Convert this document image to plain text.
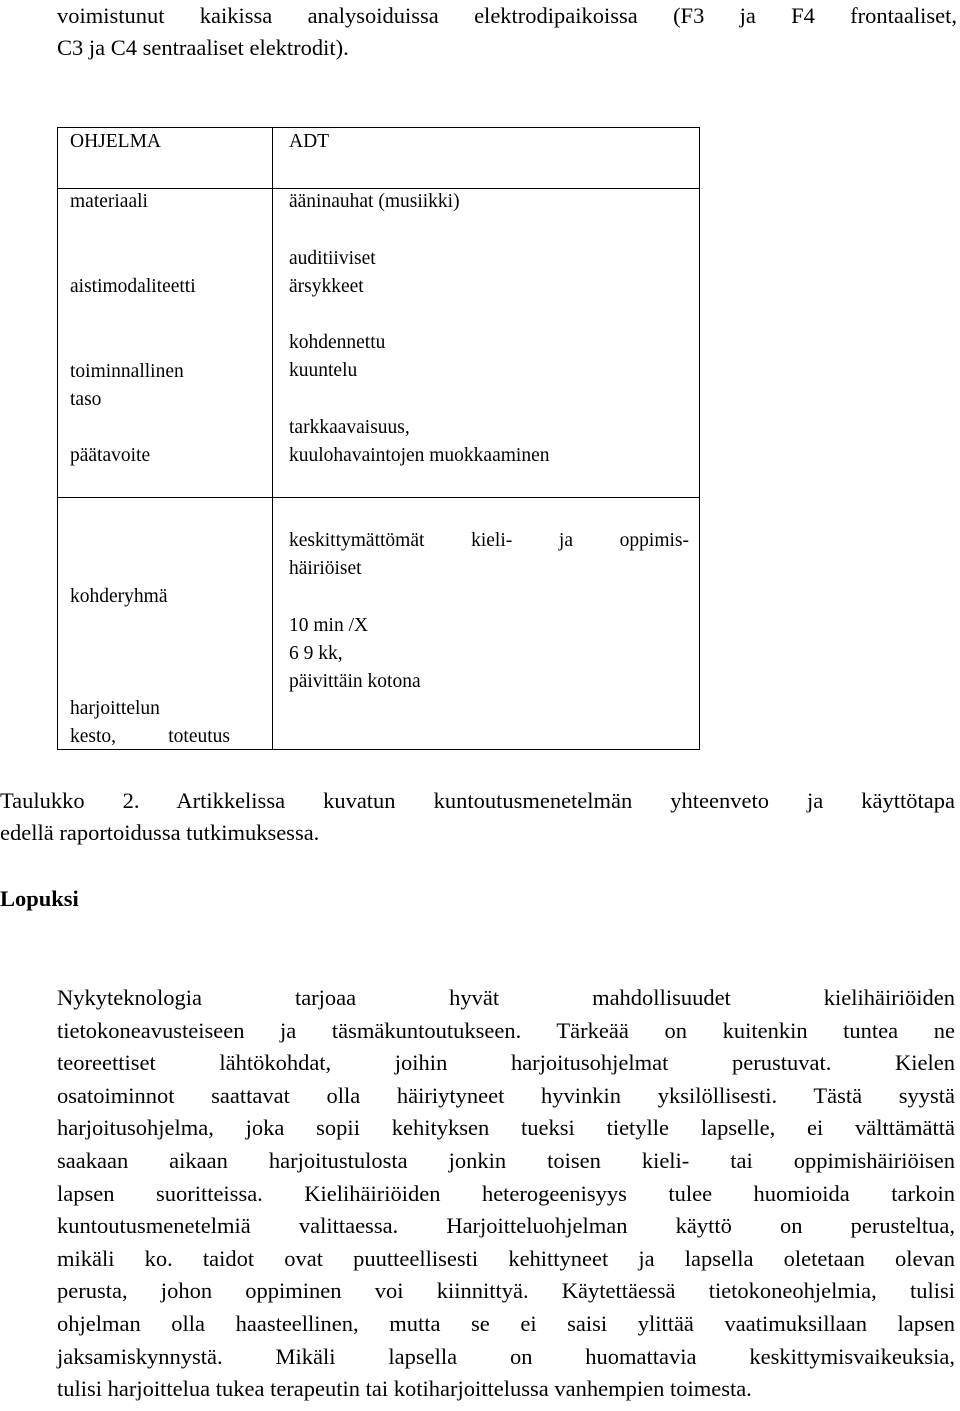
voimistunut kaikissa analysoiduissa elektrodipaikoissa (F3 ja F4 frontaaliset,
C3 ja C4 sentraaliset elektrodit).
OHJELMA	ADT
materiaali	ääninauhat (musiikki)
aistimodaliteetti
auditiiviset
ärsykkeet
toiminnallinen
taso
kohdennettu
kuuntelu
päätavoite
tarkkaavaisuus,
kuulohavaintojen muokkaaminen
kohderyhmä
keskittymättömät kieli- ja oppimis-
häiriöiset
harjoittelun
kesto, toteutus
10 min /X
6 9 kk,
päivittäin kotona
Taulukko 2. Artikkelissa kuvatun kuntoutusmenetelmän yhteenveto ja käyttötapa
edellä raportoidussa tutkimuksessa.
Lopuksi
Nykyteknologia tarjoaa hyvät mahdollisuudet kielihäiriöiden
tietokoneavusteiseen ja täsmäkuntoutukseen. Tärkeää on kuitenkin tuntea ne
teoreettiset lähtökohdat, joihin harjoitusohjelmat perustuvat. Kielen
osatoiminnot saattavat olla häiriytyneet hyvinkin yksilöllisesti. Tästä syystä
harjoitusohjelma, joka sopii kehityksen tueksi tietylle lapselle, ei välttämättä
saakaan aikaan harjoitustulosta jonkin toisen kieli- tai oppimishäiriöisen
lapsen suoritteissa. Kielihäiriöiden heterogeenisyys tulee huomioida tarkoin
kuntoutusmenetelmiä valittaessa. Harjoitteluohjelman käyttö on perusteltua,
mikäli ko. taidot ovat puutteellisesti kehittyneet ja lapsella oletetaan olevan
perusta, johon oppiminen voi kiinnittyä. Käytettäessä tietokoneohjelmia, tulisi
ohjelman olla haasteellinen, mutta se ei saisi ylittää vaatimuksillaan lapsen
jaksamiskynnystä. Mikäli lapsella on huomattavia keskittymisvaikeuksia,
tulisi harjoittelua tukea terapeutin tai kotiharjoittelussa vanhempien toimesta.
